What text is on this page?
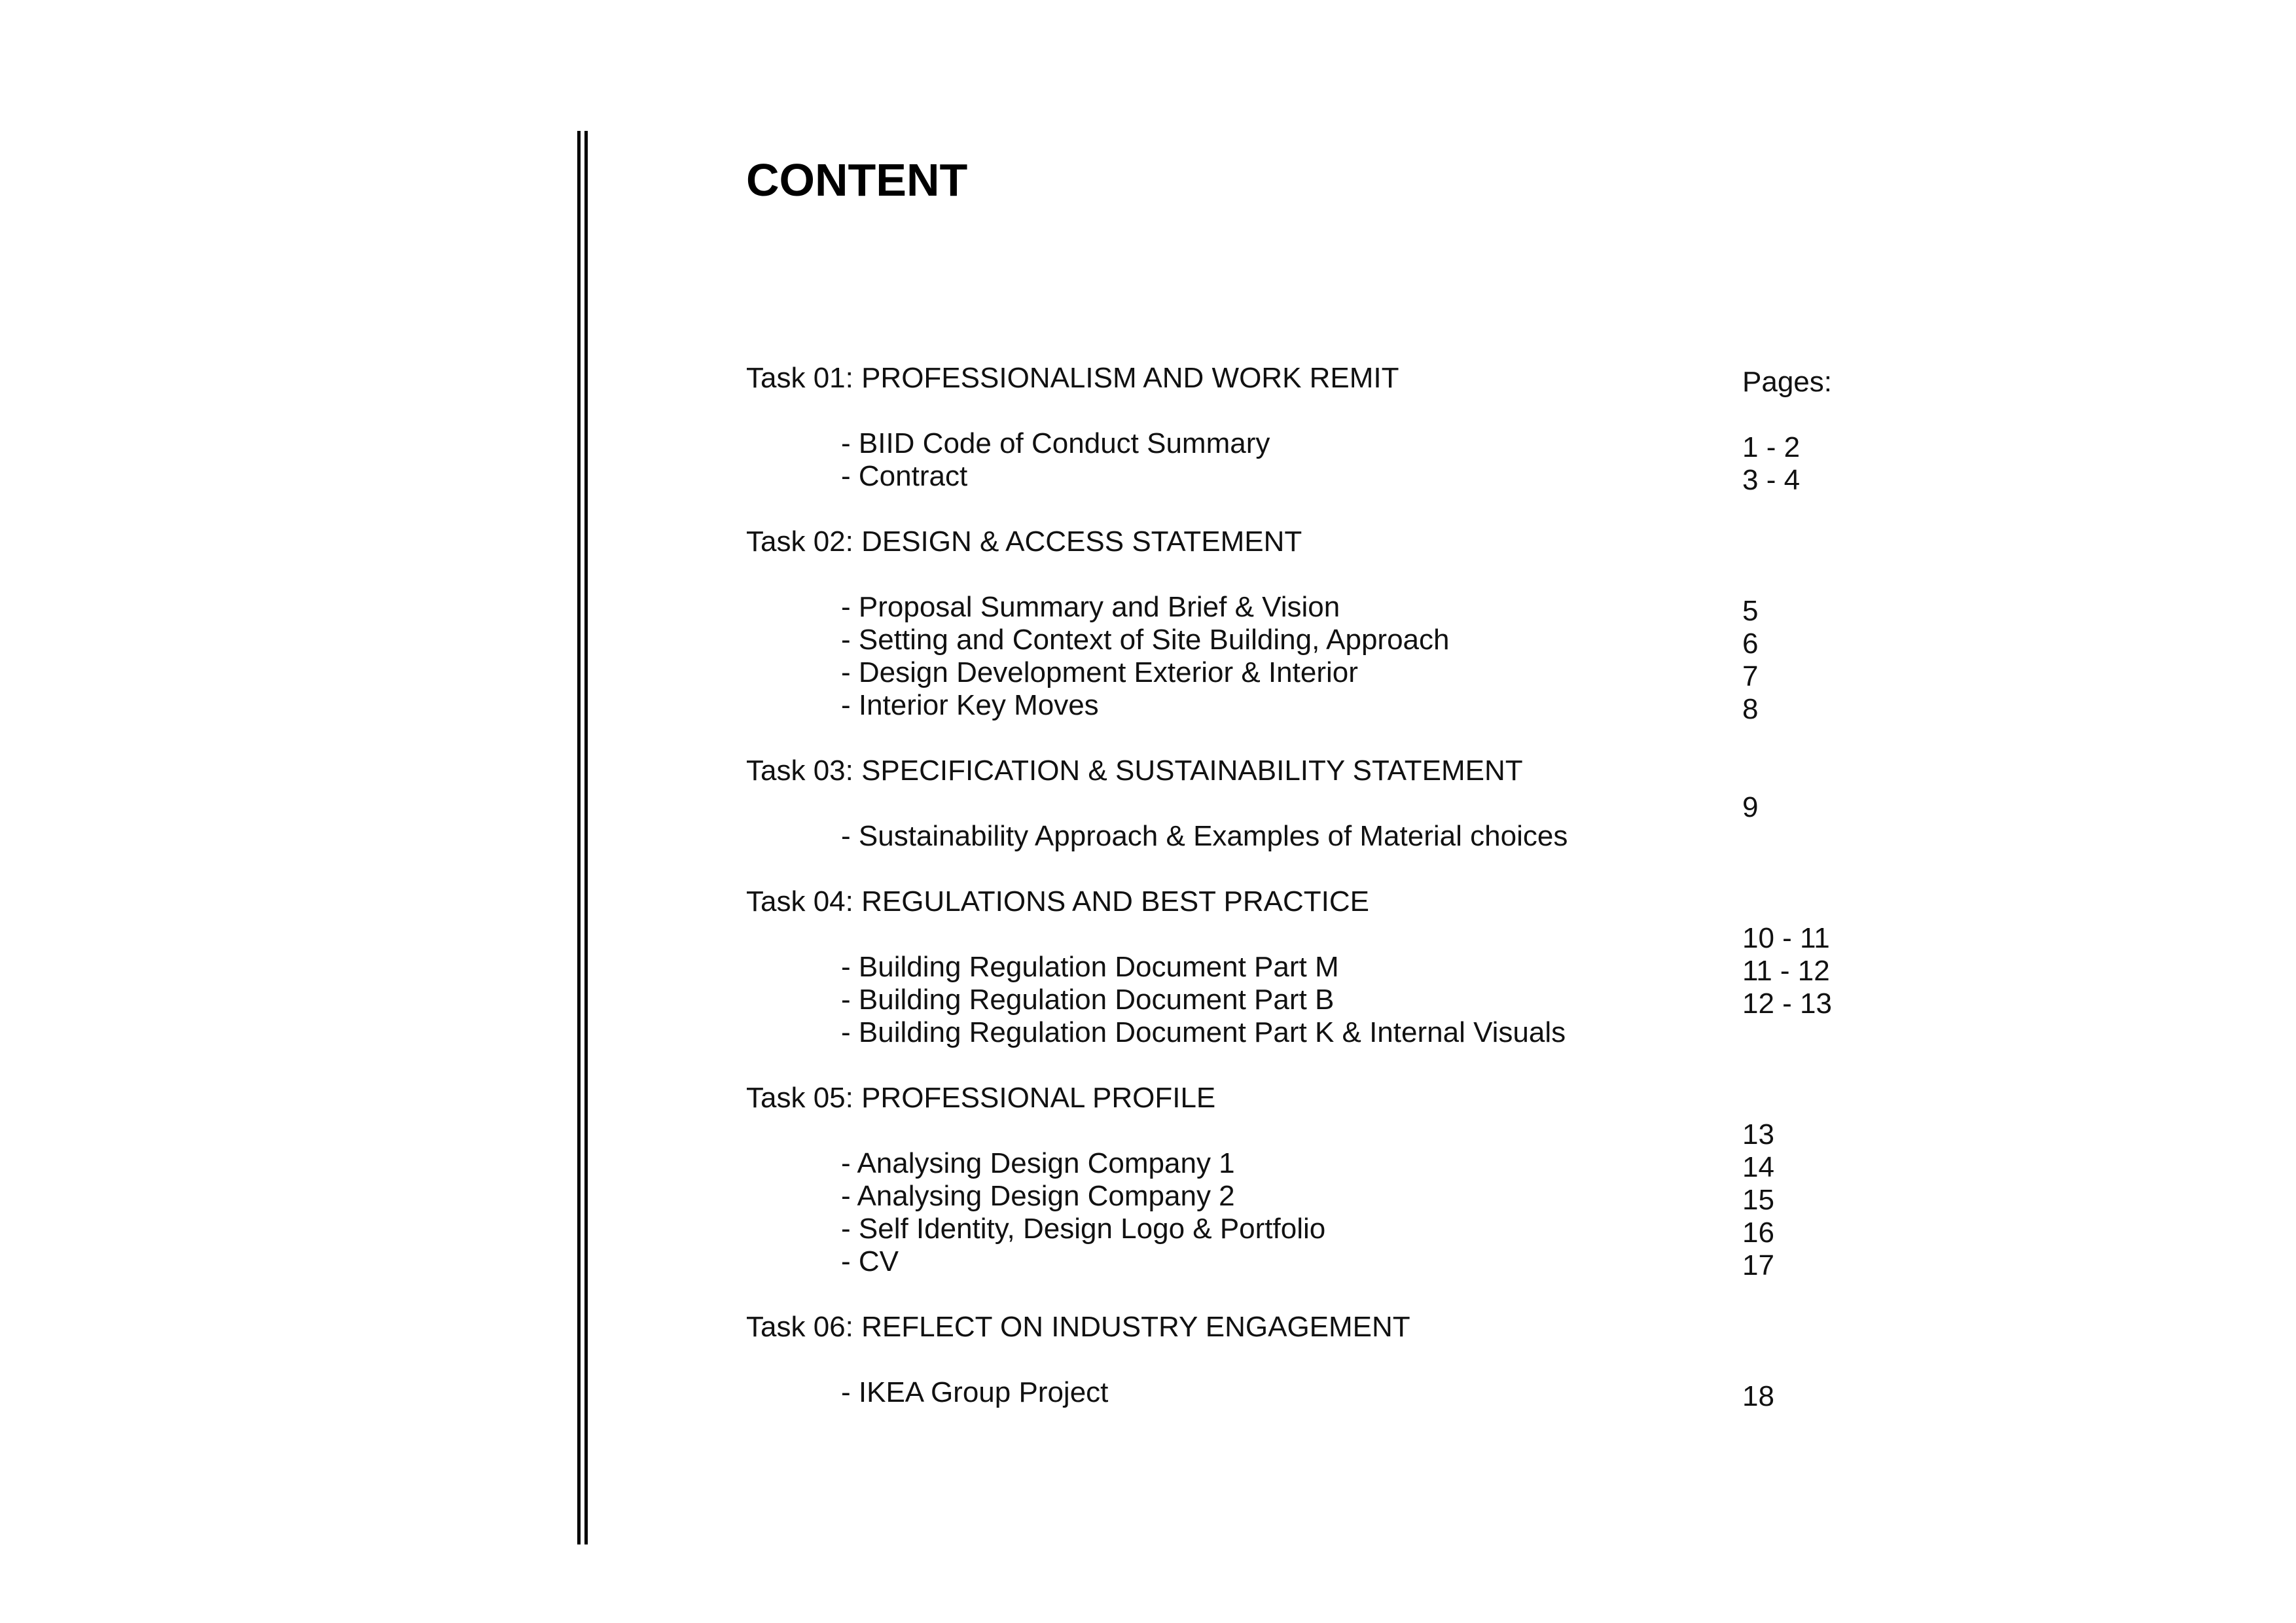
CONTENT
Task 01: PROFESSIONALISM AND WORK REMIT
- BIID Code of Conduct Summary
- Contract
Task 02: DESIGN & ACCESS STATEMENT
- Proposal Summary and Brief & Vision
- Setting and Context of Site Building, Approach
- Design Development Exterior & Interior
- Interior Key Moves
Task 03: SPECIFICATION & SUSTAINABILITY STATEMENT
- Sustainability Approach & Examples of Material choices
Task 04: REGULATIONS AND BEST PRACTICE
- Building Regulation Document Part M
- Building Regulation Document Part B
- Building Regulation Document Part K & Internal Visuals
Task 05: PROFESSIONAL PROFILE
- Analysing Design Company 1
- Analysing Design Company 2
- Self Identity, Design Logo & Portfolio
- CV
Task 06: REFLECT ON INDUSTRY ENGAGEMENT
- IKEA Group Project
Pages:
1 - 2
3 - 4
5
6
7
8
9
10 - 11
11 - 12
12 - 13
13
14
15
16
17
18
